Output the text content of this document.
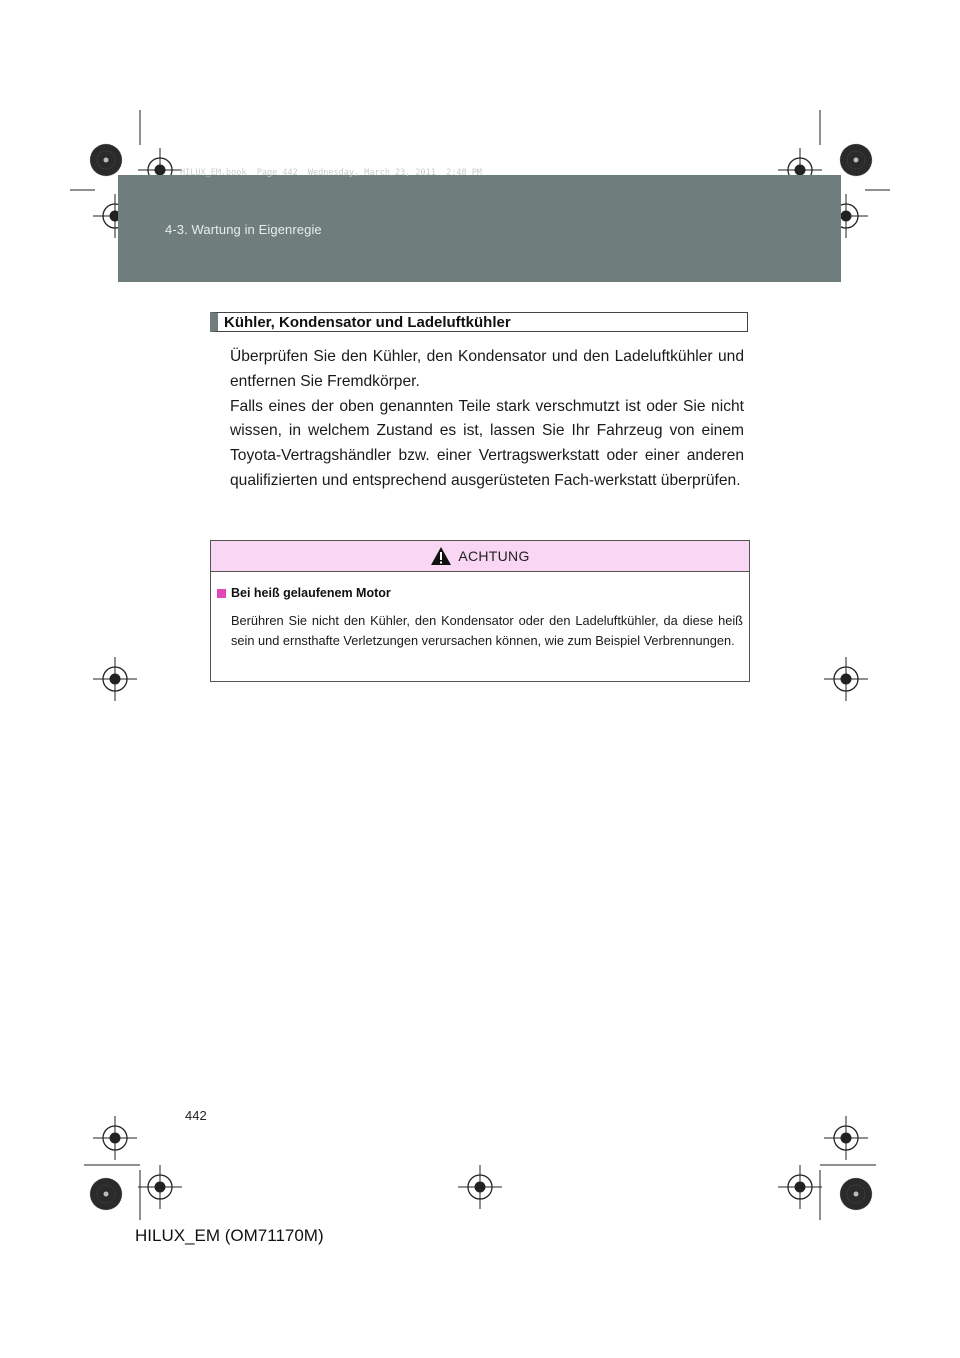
HILUX_EM.book  Page 442  Wednesday, March 23, 2011  2:48 PM
4-3. Wartung in Eigenregie
Kühler, Kondensator und Ladeluftkühler

Überprüfen Sie den Kühler, den Kondensator und den Ladeluftkühler und entfernen Sie Fremdkörper.

Falls eines der oben genannten Teile stark verschmutzt ist oder Sie nicht wissen, in welchem Zustand es ist, lassen Sie Ihr Fahrzeug von einem Toyota-Vertragshändler bzw. einer Vertragswerkstatt oder einer anderen qualifizierten und entsprechend ausgerüsteten Fach-werkstatt überprüfen.

ACHTUNG
Bei heiß gelaufenem Motor
Berühren Sie nicht den Kühler, den Kondensator oder den Ladeluftkühler, da diese heiß sein und ernsthafte Verletzungen verursachen können, wie zum Beispiel Verbrennungen.
442
HILUX_EM (OM71170M)
